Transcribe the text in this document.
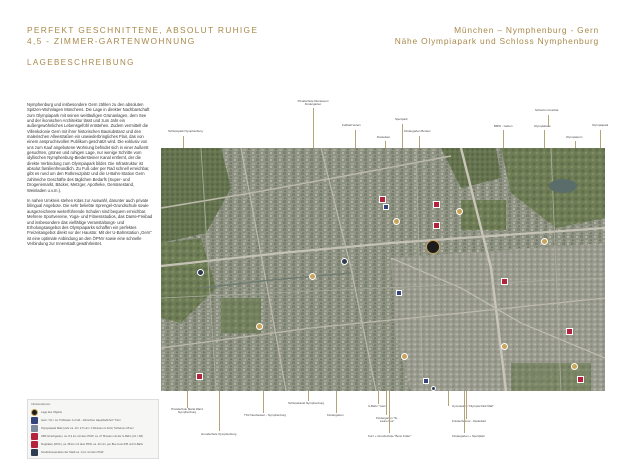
PERFEKT GESCHNITTENE, ABSOLUT RUHIGE
4,5 - ZIMMER-GARTENWOHNUNG
LAGEBESCHREIBUNG
München – Nymphenburg - Gern
Nähe Olympiapark und Schloss Nymphenburg

Nymphenburg und insbesondere Gern zählen zu den absoluten Spitzen-Wohnlagen Münchens. Die Lage in direkter Nachbarschaft zum Olympiapark mit seinen weitläufigen Grünanlagen, dem See und der ikonischen Architektur lässt und zum Jahr ein außergewöhnliches Lebensgefühl entstehen. Zudem vermittelt die Villenkolonie Gern mit ihrer historischen Bausubstanz und den malerischen Alleestraßen ein unwiederbringliches Flair, das von einem anspruchsvollen Publikum geschätzt wird. Die exklusiv von uns zum Kauf angebotene Wohnung befindet sich in einer äußerst gesuchten, grünen und ruhigen Lage, nur wenige Schritte vom idyllischen Nymphenburg-Biedersteiner Kanal entfernt, der die direkte Verbindung zum Olympiapark bildet. Die Infrastruktur ist absolut familienfreundlich. Zu Fuß oder per Rad schnell erreichbar, gibt es rund um den Rotkreuzplatz und die U-Bahn-Station Gern zahlreiche Geschäfte des täglichen Bedarfs (Super- und Drogeriemarkt, Bäcker, Metzger, Apotheke, Gemüsestand, Weinladen u.v.m.).

In nahen Umkreis stehen Kitas zur Auswahl, darunter auch private bilingual Angebote. Die sehr beliebte Sprengel-Grundschule sowie ausgezeichnete weiterführende Schulen sind bequem erreichbar. Mehrere Sportvereine, Yoga- und Fitnessstudios, das Dante-Freibad und insbesondere das vielfältige Veranstaltungs- und Erholungsangebot des Olympiaparks schaffen ein perfektes Freizeitangebot direkt vor der Haustür. Mit der U-Bahnstation „Gern" ist eine optimale Anbindung an den ÖPNV sowie eine schnelle Verbindung zur Innenstadt gewährleistet.

Schlosspark Nymphenburg
Privatschule Montessori Kindergarten
Fußball Verein
Dantebad
Sportpark
Kindergarten Borstei
BMW - Garten	Olympiahalle
Olympiaturm
Schwimm Festival
Olympiapark
Privatschule Maria Ward Nymphenburg
Grundschule Nymphenburg
TSV Neuhausen - Nymphenburg
Schlosskanal Nymphenburg
Kindergarten
U-Bahn "Gern"
Kindergarten "St. Laurentius"
Kurz + Grundschule "Bonn Fuller"
Gymnasium "Olympia Park Mall"
Friedenheimer - Dantebad
Kindergarten + Sportplatz
Infrastrukturen
Lage des Objekts
Gern / U1 / ca. 5 Minuten zu Fuß – Münchner Hauptbahnhof / 5 km
Olympiapark Mall (mehr ca. 10 / 2,5 min / 2 Minuten zu Fuß | Schwimm 25 km
OBF Hirschgarten, ca. 8,2 km mit dem PKW, ca. 27 Minuten mit der U-Bahn (U1 / S8)
Flughafen (MUC), ca. 38 km mit dem PKW, ca. 40 min. per Bus Linie 635 und U-Bahn
Sonderkooperation der Stadt ca. 1 km mit dem PKW
